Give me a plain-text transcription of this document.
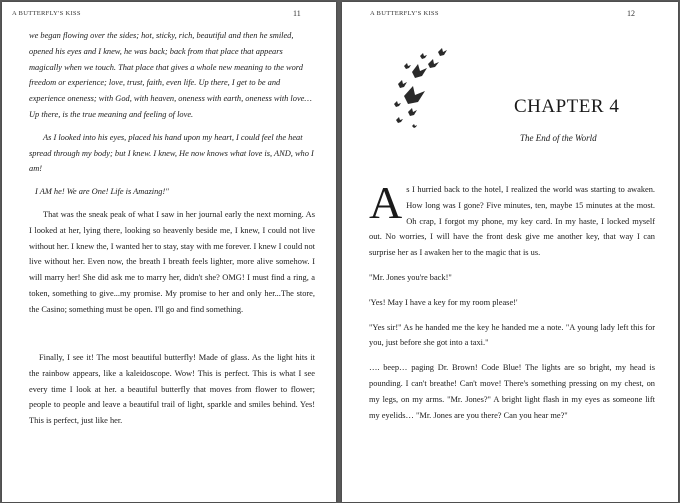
A BUTTERFLY'S KISS	11

we began flowing over the sides; hot, sticky, rich, beautiful and then he smiled, opened his eyes and I knew, he was back; back from that place that appears magically when we touch. That place that gives a whole new meaning to the word freedom or experience; love, trust, faith, even life. Up there, I get to be and experience oneness; with God, with heaven, oneness with earth, oneness with love… Up there, is the true meaning and feeling of love.

As I looked into his eyes, placed his hand upon my heart, I could feel the heat spread through my body; but I knew. I knew, He now knows what love is, AND, who I am!

I AM he! We are One! Life is Amazing!"

That was the sneak peak of what I saw in her journal early the next morning. As I looked at her, lying there, looking so heavenly beside me, I knew, I could not live without her. I knew the, I wanted her to stay, stay with me forever. I knew I could not live without her. Even now, the breath I breath feels lighter, more alive somehow. I will marry her! She did ask me to marry her, didn't she? OMG! I must find a ring, a token, something to give...my promise. My promise to her and only her...The store, the Casino; something must be open. I'll go and find something.

Finally, I see it! The most beautiful butterfly! Made of glass. As the light hits it the rainbow appears, like a kaleidoscope. Wow! This is perfect. This is what I see every time I look at her. a beautiful butterfly that moves from flower to flower; people to people and leave a beautiful trail of light, sparkle and smiles behind. Yes! This is perfect, just like her.

A BUTTERFLY'S KISS	12
CHAPTER 4
The End of the World

As I hurried back to the hotel, I realized the world was starting to awaken. How long was I gone? Five minutes, ten, maybe 15 minutes at the most. Oh crap, I forgot my phone, my key card. In my haste, I locked myself out. No worries, I will have the front desk give me another key, that way I can surprise her as I awaken her to the magic that is us.

"Mr. Jones you're back!"

'Yes! May I have a key for my room please!'

"Yes sir!" As he handed me the key he handed me a note. "A young lady left this for you, just before she got into a taxi."

…. beep… paging Dr. Brown! Code Blue! The lights are so bright, my head is pounding. I can't breathe! Can't move! There's something pressing on my chest, on my legs, on my arms. "Mr. Jones?" A bright light flash in my eyes as someone lift my eyelids… "Mr. Jones are you there? Can you hear me?"
